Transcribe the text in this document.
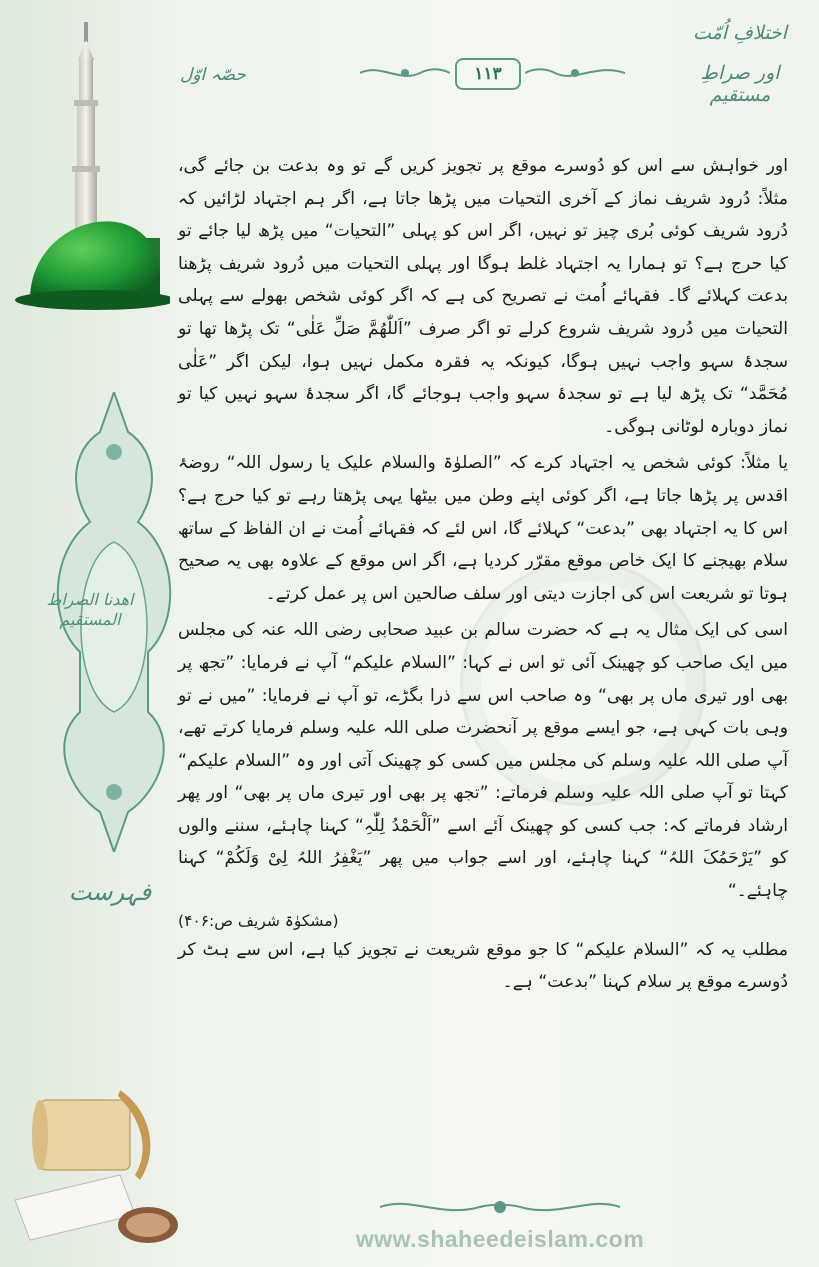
اختلافِ اُمّت
اور صراطِ مستقیم
حصّہ اوّل	۱۱۳
اھدنا الصراط المستقیم
فہرست

اور خواہش سے اس کو دُوسرے موقع پر تجویز کریں گے تو وہ بدعت بن جائے گی، مثلاً: دُرود شریف نماز کے آخری التحیات میں پڑھا جاتا ہے، اگر ہم اجتہاد لڑائیں کہ دُرود شریف کوئی بُری چیز تو نہیں، اگر اس کو پہلی ”التحیات“ میں پڑھ لیا جائے تو کیا حرج ہے؟ تو ہمارا یہ اجتہاد غلط ہوگا اور پہلی التحیات میں دُرود شریف پڑھنا بدعت کہلائے گا۔ فقہائے اُمت نے تصریح کی ہے کہ اگر کوئی شخص بھولے سے پہلی التحیات میں دُرود شریف شروع کرلے تو اگر صرف ”اَللّٰھُمَّ صَلِّ عَلٰی“ تک پڑھا تھا تو سجدۂ سہو واجب نہیں ہوگا، کیونکہ یہ فقرہ مکمل نہیں ہوا، لیکن اگر ”عَلٰی مُحَمَّد“ تک پڑھ لیا ہے تو سجدۂ سہو واجب ہوجائے گا، اگر سجدۂ سہو نہیں کیا تو نماز دوبارہ لوٹانی ہوگی۔

یا مثلاً: کوئی شخص یہ اجتہاد کرے کہ ”الصلوٰۃ والسلام علیک یا رسول اللہ“ روضۂ اقدس پر پڑھا جاتا ہے، اگر کوئی اپنے وطن میں بیٹھا یہی پڑھتا رہے تو کیا حرج ہے؟ اس کا یہ اجتہاد بھی ”بدعت“ کہلائے گا، اس لئے کہ فقہائے اُمت نے ان الفاظ کے ساتھ سلام بھیجنے کا ایک خاص موقع مقرّر کردیا ہے، اگر اس موقع کے علاوہ بھی یہ صحیح ہوتا تو شریعت اس کی اجازت دیتی اور سلف صالحین اس پر عمل کرتے۔

اسی کی ایک مثال یہ ہے کہ حضرت سالم بن عبید صحابی رضی اللہ عنہ کی مجلس میں ایک صاحب کو چھینک آئی تو اس نے کہا: ”السلام علیکم“ آپ نے فرمایا: ”تجھ پر بھی اور تیری ماں پر بھی“ وہ صاحب اس سے ذرا بگڑے، تو آپ نے فرمایا: ”میں نے تو وہی بات کہی ہے، جو ایسے موقع پر آنحضرت صلی اللہ علیہ وسلم فرمایا کرتے تھے، آپ صلی اللہ علیہ وسلم کی مجلس میں کسی کو چھینک آتی اور وہ ”السلام علیکم“ کہتا تو آپ صلی اللہ علیہ وسلم فرماتے: ”تجھ پر بھی اور تیری ماں پر بھی“ اور پھر ارشاد فرماتے کہ: جب کسی کو چھینک آئے اسے ”اَلْحَمْدُ لِلّٰہِ“ کہنا چاہئے، سننے والوں کو ”یَرْحَمُکَ اللہُ“ کہنا چاہئے، اور اسے جواب میں پھر ”یَغْفِرُ اللہُ لِیْ وَلَکُمْ“ کہنا چاہئے۔“

(مشکوٰۃ شریف ص:۴۰۶)

مطلب یہ کہ ”السلام علیکم“ کا جو موقع شریعت نے تجویز کیا ہے، اس سے ہٹ کر دُوسرے موقع پر سلام کہنا ”بدعت“ ہے۔

www.shaheedeislam.com
